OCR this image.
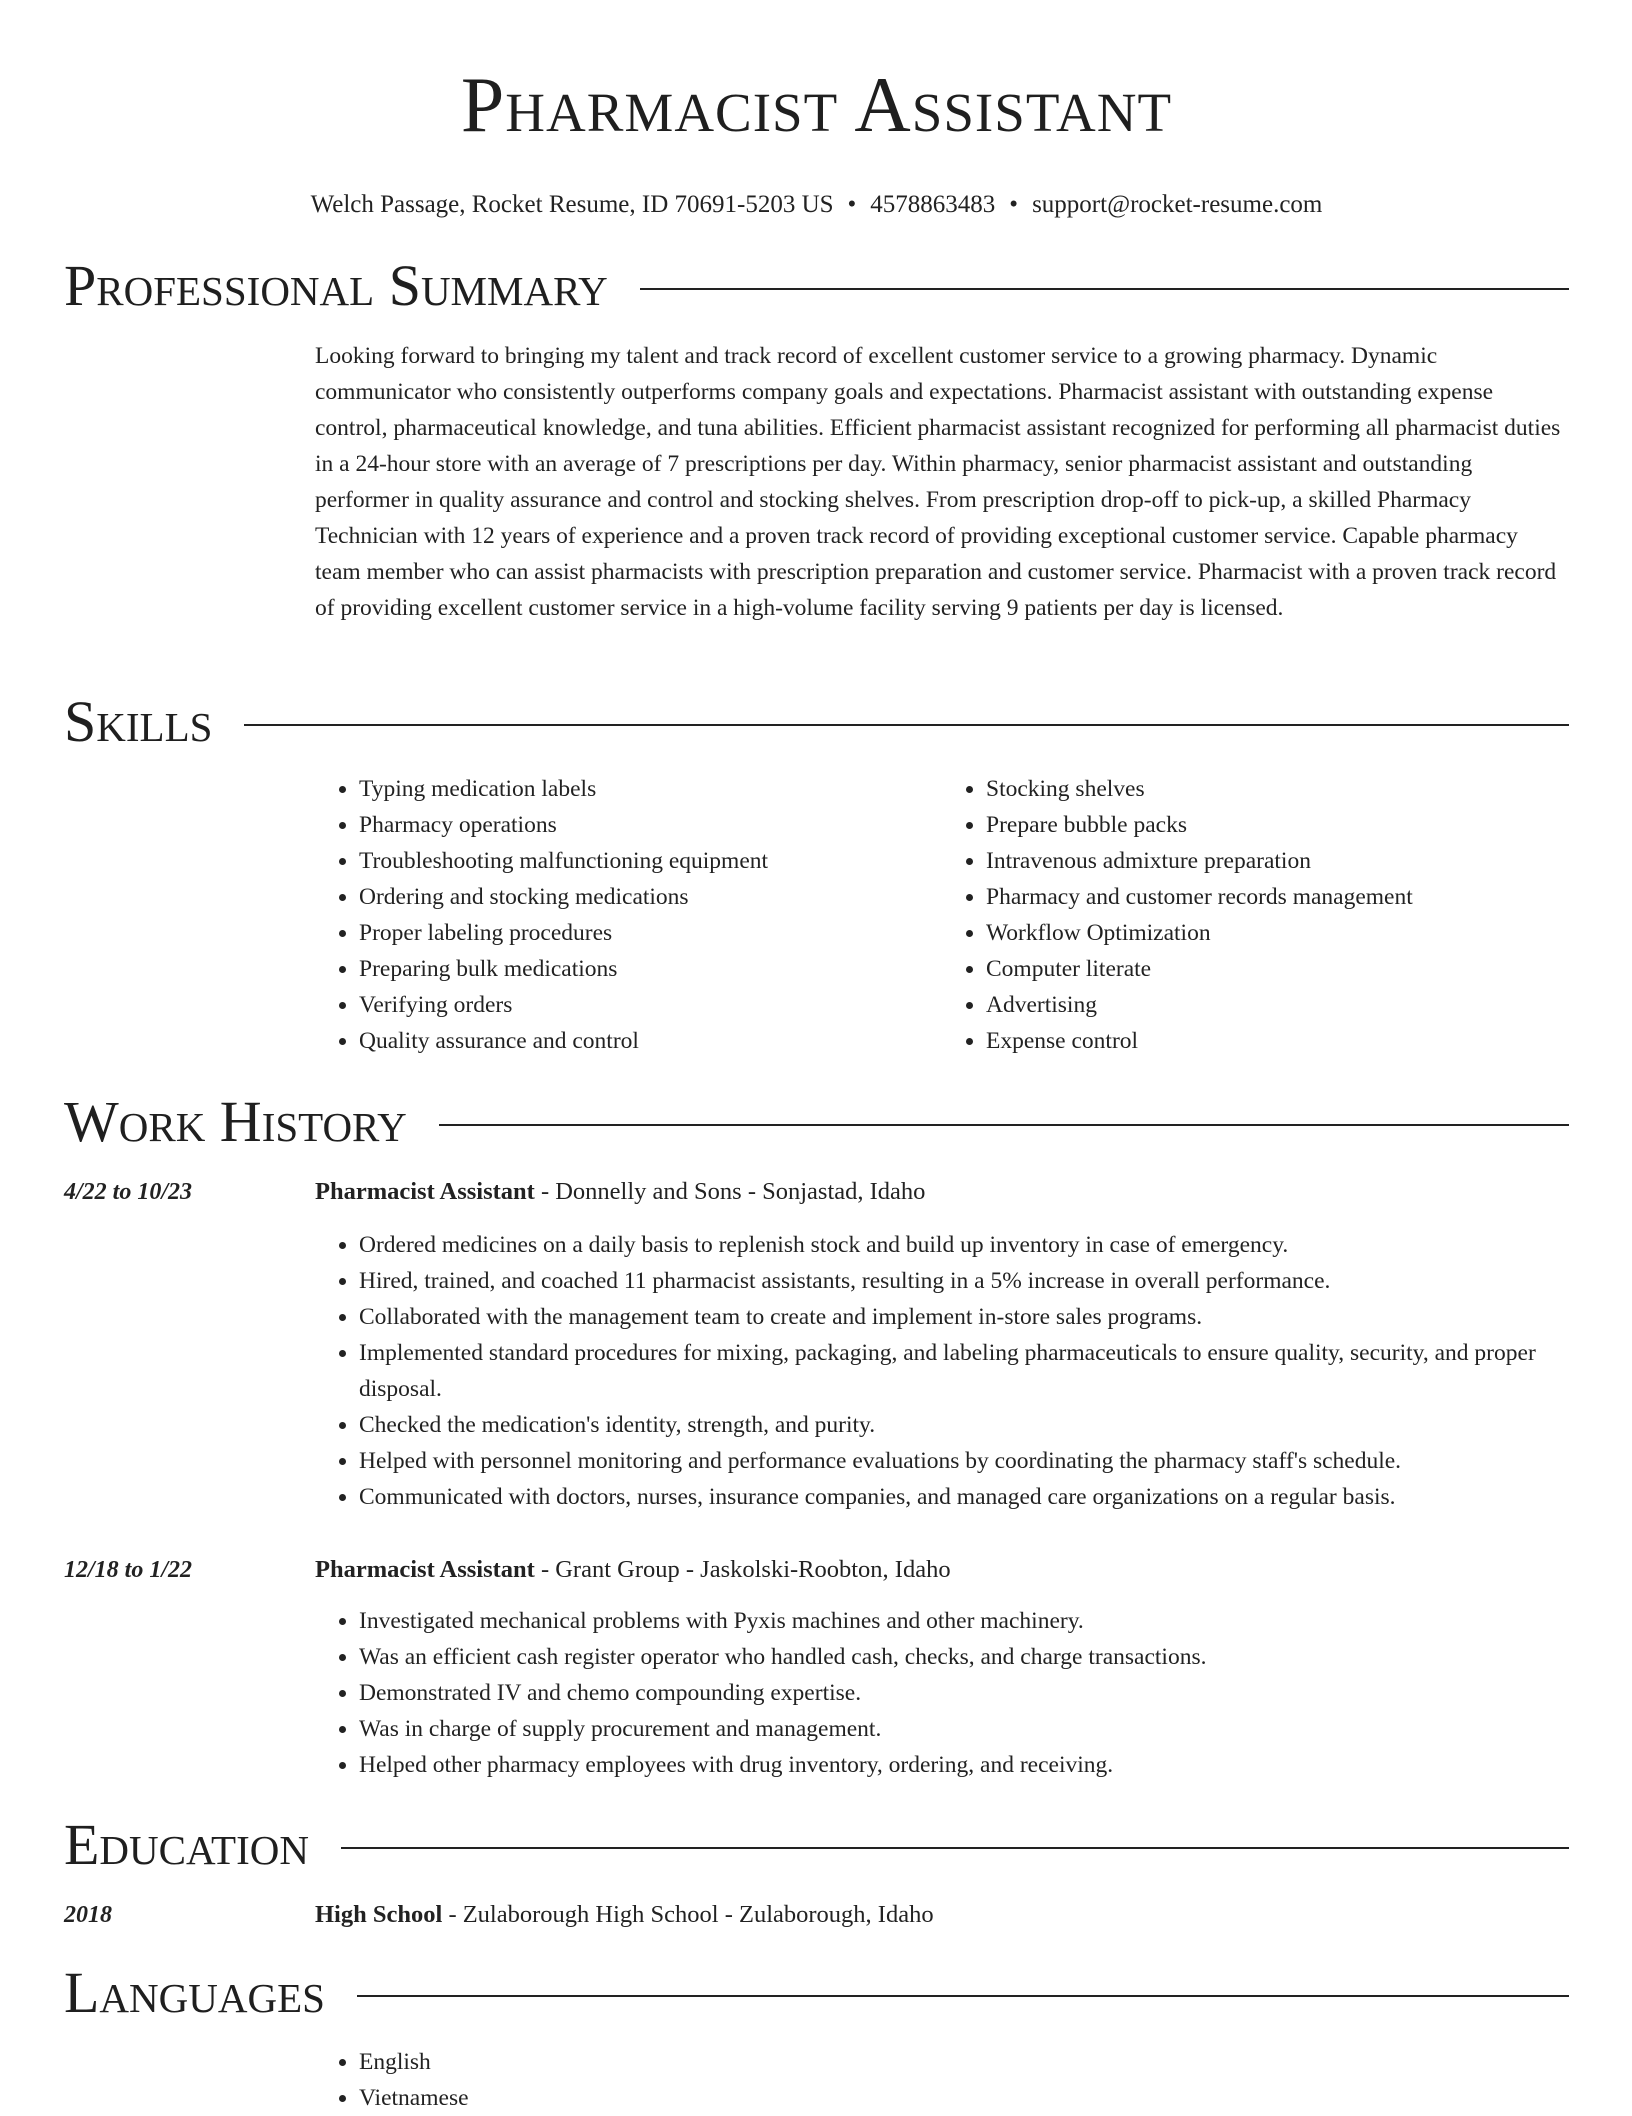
Pharmacist Assistant
Welch Passage, Rocket Resume, ID 70691-5203 US • 4578863483 • support@rocket-resume.com
Professional Summary

Looking forward to bringing my talent and track record of excellent customer service to a growing pharmacy. Dynamic communicator who consistently outperforms company goals and expectations. Pharmacist assistant with outstanding expense control, pharmaceutical knowledge, and tuna abilities. Efficient pharmacist assistant recognized for performing all pharmacist duties in a 24-hour store with an average of 7 prescriptions per day. Within pharmacy, senior pharmacist assistant and outstanding performer in quality assurance and control and stocking shelves. From prescription drop-off to pick-up, a skilled Pharmacy Technician with 12 years of experience and a proven track record of providing exceptional customer service. Capable pharmacy team member who can assist pharmacists with prescription preparation and customer service. Pharmacist with a proven track record of providing excellent customer service in a high-volume facility serving 9 patients per day is licensed.

Skills
• Typing medication labels
• Pharmacy operations
• Troubleshooting malfunctioning equipment
• Ordering and stocking medications
• Proper labeling procedures
• Preparing bulk medications
• Verifying orders
• Quality assurance and control
• Stocking shelves
• Prepare bubble packs
• Intravenous admixture preparation
• Pharmacy and customer records management
• Workflow Optimization
• Computer literate
• Advertising
• Expense control
Work History
4/22 to 10/23	Pharmacist Assistant - Donnelly and Sons - Sonjastad, Idaho
• Ordered medicines on a daily basis to replenish stock and build up inventory in case of emergency.
• Hired, trained, and coached 11 pharmacist assistants, resulting in a 5% increase in overall performance.
• Collaborated with the management team to create and implement in-store sales programs.
• Implemented standard procedures for mixing, packaging, and labeling pharmaceuticals to ensure quality, security, and proper disposal.
• Checked the medication's identity, strength, and purity.
• Helped with personnel monitoring and performance evaluations by coordinating the pharmacy staff's schedule.
• Communicated with doctors, nurses, insurance companies, and managed care organizations on a regular basis.
12/18 to 1/22	Pharmacist Assistant - Grant Group - Jaskolski-Roobton, Idaho
• Investigated mechanical problems with Pyxis machines and other machinery.
• Was an efficient cash register operator who handled cash, checks, and charge transactions.
• Demonstrated IV and chemo compounding expertise.
• Was in charge of supply procurement and management.
• Helped other pharmacy employees with drug inventory, ordering, and receiving.
Education
2018	High School - Zulaborough High School - Zulaborough, Idaho
Languages
• English
• Vietnamese
